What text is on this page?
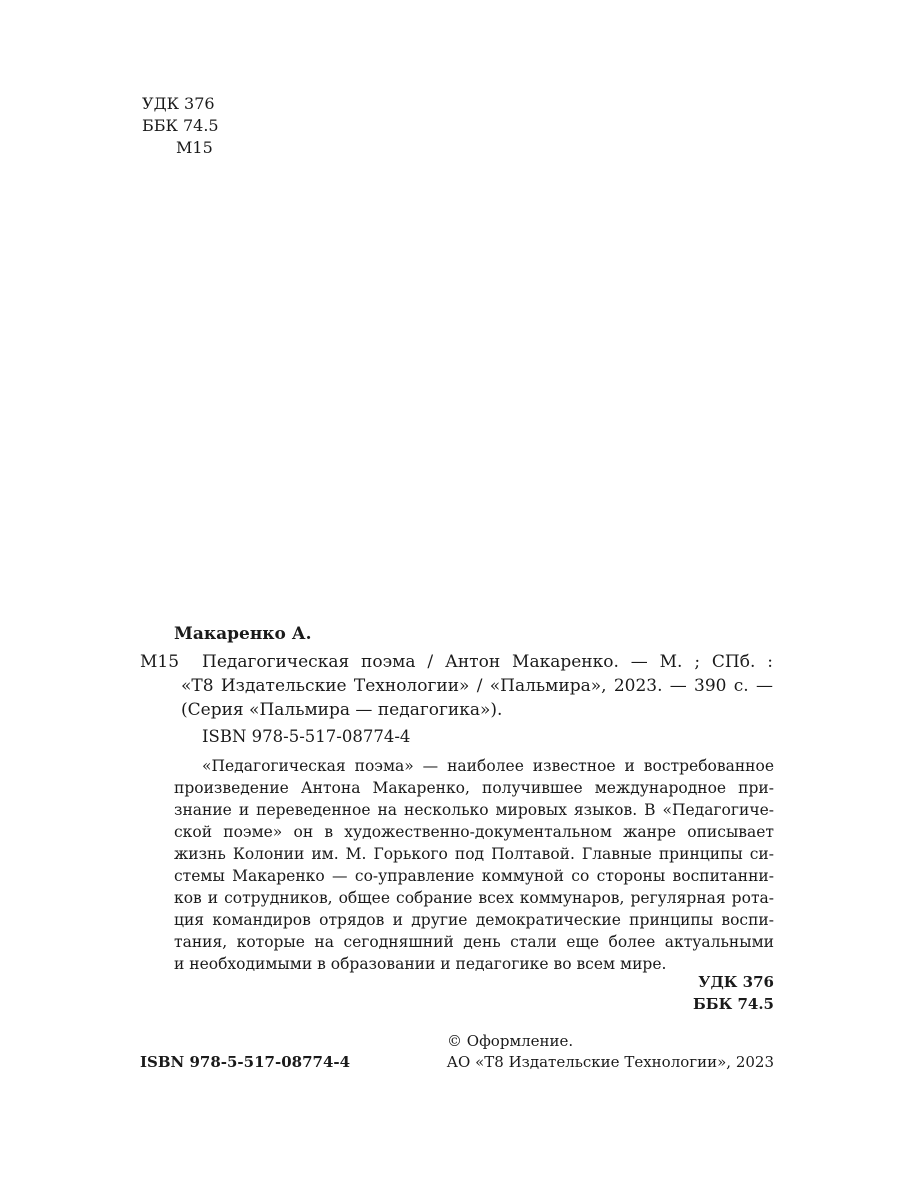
УДК 376
ББК 74.5
М15
Макаренко А.
М15 Педагогическая поэма / Антон Макаренко. — М. ; СПб. :
«Т8 Издательские Технологии» / «Пальмира», 2023. — 390 с. —
(Серия «Пальмира — педагогика»).
ISBN 978-5-517-08774-4
«Педагогическая поэма» — наиболее известное и востребованное
произведение Антона Макаренко, получившее международное при-
знание и переведенное на несколько мировых языков. В «Педагогиче-
ской поэме» он в художественно-документальном жанре описывает
жизнь Колонии им. М. Горького под Полтавой. Главные принципы си-
стемы Макаренко — со-управление коммуной со стороны воспитанни-
ков и сотрудников, общее собрание всех коммунаров, регулярная рота-
ция командиров отрядов и другие демократические принципы воспи-
тания, которые на сегодняшний день стали еще более актуальными
и необходимыми в образовании и педагогике во всем мире.
УДК 376
ББК 74.5
© Оформление.
ISBN 978-5-517-08774-4	АО «Т8 Издательские Технологии», 2023
